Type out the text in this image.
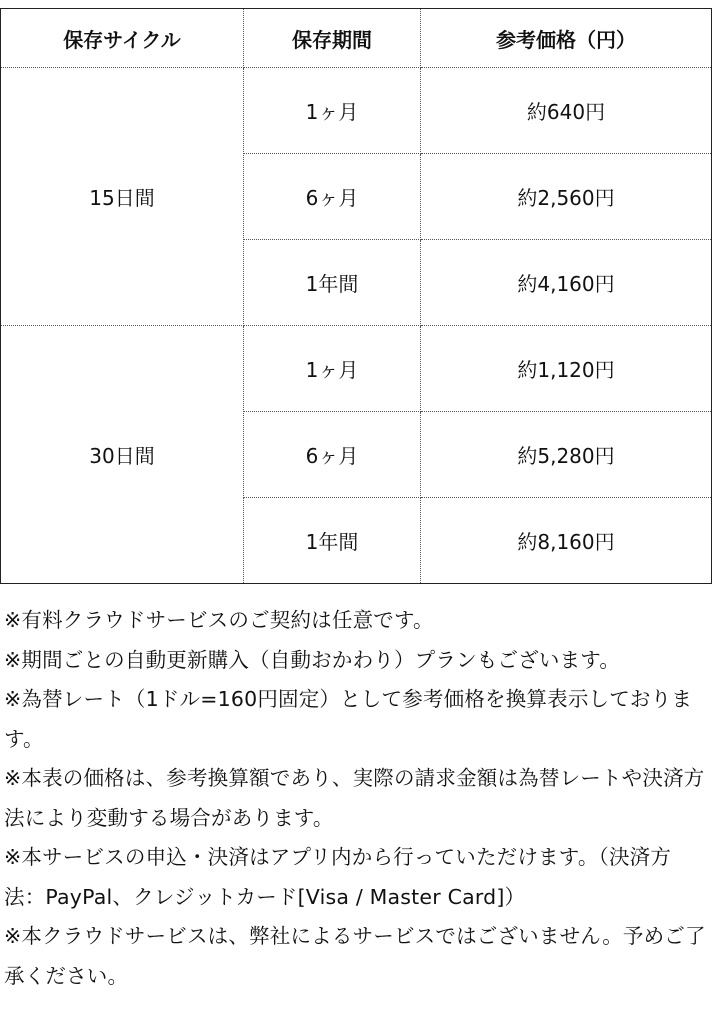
保存サイクル	保存期間	参考価格（円）
15日間	1ヶ月	約640円
	6ヶ月	約2,560円
	1年間	約4,160円
30日間	1ヶ月	約1,120円
	6ヶ月	約5,280円
	1年間	約8,160円

※有料クラウドサービスのご契約は任意です。

※期間ごとの自動更新購入（自動おかわり）プランもございます。

※為替レート（1ドル=160円固定）として参考価格を換算表示しております。

※本表の価格は、参考換算額であり、実際の請求金額は為替レートや決済方法により変動する場合があります。

※本サービスの申込・決済はアプリ内から行っていただけます。（決済方法：PayPal、クレジットカード[Visa / Master Card]）

※本クラウドサービスは、弊社によるサービスではございません。予めご了承ください。
